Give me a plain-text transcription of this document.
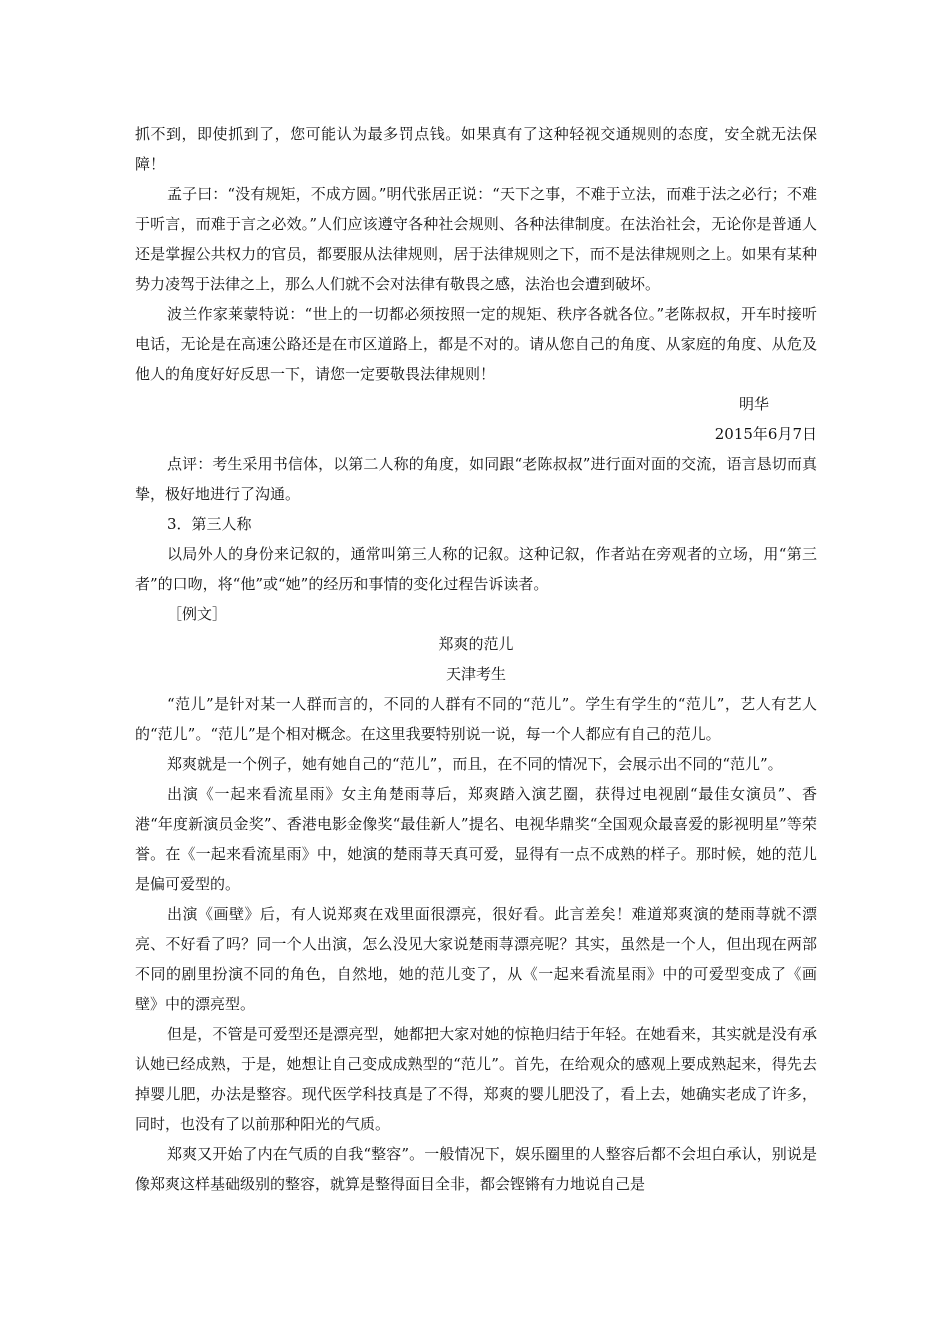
抓不到，即使抓到了，您可能认为最多罚点钱。如果真有了这种轻视交通规则的态度，安全就无法保障！

孟子曰：“没有规矩，不成方圆。”明代张居正说：“天下之事，不难于立法，而难于法之必行；不难于听言，而难于言之必效。”人们应该遵守各种社会规则、各种法律制度。在法治社会，无论你是普通人还是掌握公共权力的官员，都要服从法律规则，居于法律规则之下，而不是法律规则之上。如果有某种势力凌驾于法律之上，那么人们就不会对法律有敬畏之感，法治也会遭到破坏。

波兰作家莱蒙特说：“世上的一切都必须按照一定的规矩、秩序各就各位。”老陈叔叔，开车时接听电话，无论是在高速公路还是在市区道路上，都是不对的。请从您自己的角度、从家庭的角度、从危及他人的角度好好反思一下，请您一定要敬畏法律规则！

明华

2015年6月7日

点评：考生采用书信体，以第二人称的角度，如同跟“老陈叔叔”进行面对面的交流，语言恳切而真挚，极好地进行了沟通。

3．第三人称

以局外人的身份来记叙的，通常叫第三人称的记叙。这种记叙，作者站在旁观者的立场，用“第三者”的口吻，将“他”或“她”的经历和事情的变化过程告诉读者。

［例文］

郑爽的范儿

天津考生

“范儿”是针对某一人群而言的，不同的人群有不同的“范儿”。学生有学生的“范儿”，艺人有艺人的“范儿”。“范儿”是个相对概念。在这里我要特别说一说，每一个人都应有自己的范儿。

郑爽就是一个例子，她有她自己的“范儿”，而且，在不同的情况下，会展示出不同的“范儿”。

出演《一起来看流星雨》女主角楚雨荨后，郑爽踏入演艺圈，获得过电视剧“最佳女演员”、香港“年度新演员金奖”、香港电影金像奖“最佳新人”提名、电视华鼎奖“全国观众最喜爱的影视明星”等荣誉。在《一起来看流星雨》中，她演的楚雨荨天真可爱，显得有一点不成熟的样子。那时候，她的范儿是偏可爱型的。

出演《画壁》后，有人说郑爽在戏里面很漂亮，很好看。此言差矣！难道郑爽演的楚雨荨就不漂亮、不好看了吗？同一个人出演，怎么没见大家说楚雨荨漂亮呢？其实，虽然是一个人，但出现在两部不同的剧里扮演不同的角色，自然地，她的范儿变了，从《一起来看流星雨》中的可爱型变成了《画壁》中的漂亮型。

但是，不管是可爱型还是漂亮型，她都把大家对她的惊艳归结于年轻。在她看来，其实就是没有承认她已经成熟，于是，她想让自己变成成熟型的“范儿”。首先，在给观众的感观上要成熟起来，得先去掉婴儿肥，办法是整容。现代医学科技真是了不得，郑爽的婴儿肥没了，看上去，她确实老成了许多，同时，也没有了以前那种阳光的气质。

郑爽又开始了内在气质的自我“整容”。一般情况下，娱乐圈里的人整容后都不会坦白承认，别说是像郑爽这样基础级别的整容，就算是整得面目全非，都会铿锵有力地说自己是
